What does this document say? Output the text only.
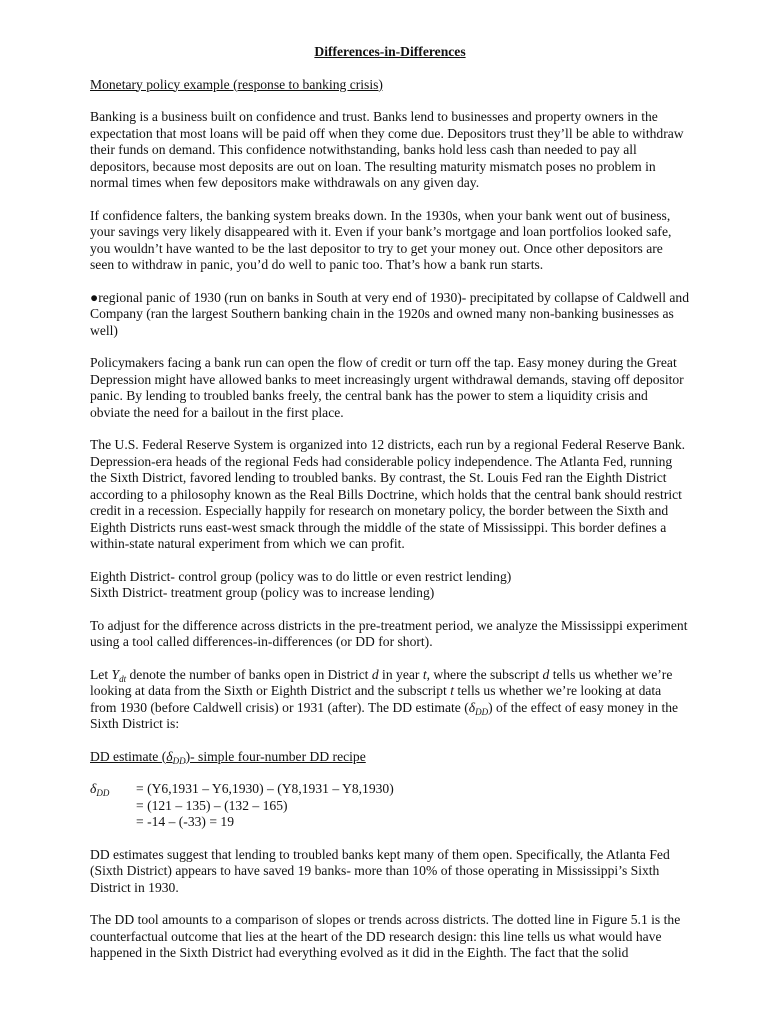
Differences-in-Differences
Monetary policy example (response to banking crisis)

Banking is a business built on confidence and trust. Banks lend to businesses and property owners in the expectation that most loans will be paid off when they come due. Depositors trust they’ll be able to withdraw their funds on demand. This confidence notwithstanding, banks hold less cash than needed to pay all depositors, because most deposits are out on loan. The resulting maturity mismatch poses no problem in normal times when few depositors make withdrawals on any given day.

If confidence falters, the banking system breaks down. In the 1930s, when your bank went out of business, your savings very likely disappeared with it. Even if your bank’s mortgage and loan portfolios looked safe, you wouldn’t have wanted to be the last depositor to try to get your money out. Once other depositors are seen to withdraw in panic, you’d do well to panic too. That’s how a bank run starts.

●regional panic of 1930 (run on banks in South at very end of 1930)- precipitated by collapse of Caldwell and Company (ran the largest Southern banking chain in the 1920s and owned many non-banking businesses as well)

Policymakers facing a bank run can open the flow of credit or turn off the tap. Easy money during the Great Depression might have allowed banks to meet increasingly urgent withdrawal demands, staving off depositor panic. By lending to troubled banks freely, the central bank has the power to stem a liquidity crisis and obviate the need for a bailout in the first place.

The U.S. Federal Reserve System is organized into 12 districts, each run by a regional Federal Reserve Bank. Depression-era heads of the regional Feds had considerable policy independence. The Atlanta Fed, running the Sixth District, favored lending to troubled banks. By contrast, the St. Louis Fed ran the Eighth District according to a philosophy known as the Real Bills Doctrine, which holds that the central bank should restrict credit in a recession. Especially happily for research on monetary policy, the border between the Sixth and Eighth Districts runs east-west smack through the middle of the state of Mississippi. This border defines a within-state natural experiment from which we can profit.

Eighth District- control group (policy was to do little or even restrict lending)
Sixth District- treatment group (policy was to increase lending)

To adjust for the difference across districts in the pre-treatment period, we analyze the Mississippi experiment using a tool called differences-in-differences (or DD for short).

Let $Y_{dt}$ denote the number of banks open in District d in year t, where the subscript d tells us whether we’re looking at data from the Sixth or Eighth District and the subscript t tells us whether we’re looking at data from 1930 (before Caldwell crisis) or 1931 (after). The DD estimate $(\delta_{DD})$ of the effect of easy money in the Sixth District is:

DD estimate $(\delta_{DD})-$ simple four-number DD recipe
$\delta_{DD}$	= (Y6,1931 – Y6,1930) – (Y8,1931 – Y8,1930)
= (121 – 135) – (132 – 165)
= -14 – (-33) = 19

DD estimates suggest that lending to troubled banks kept many of them open. Specifically, the Atlanta Fed (Sixth District) appears to have saved 19 banks- more than 10% of those operating in Mississippi’s Sixth District in 1930.

The DD tool amounts to a comparison of slopes or trends across districts. The dotted line in Figure 5.1 is the counterfactual outcome that lies at the heart of the DD research design: this line tells us what would have happened in the Sixth District had everything evolved as it did in the Eighth. The fact that the solid
